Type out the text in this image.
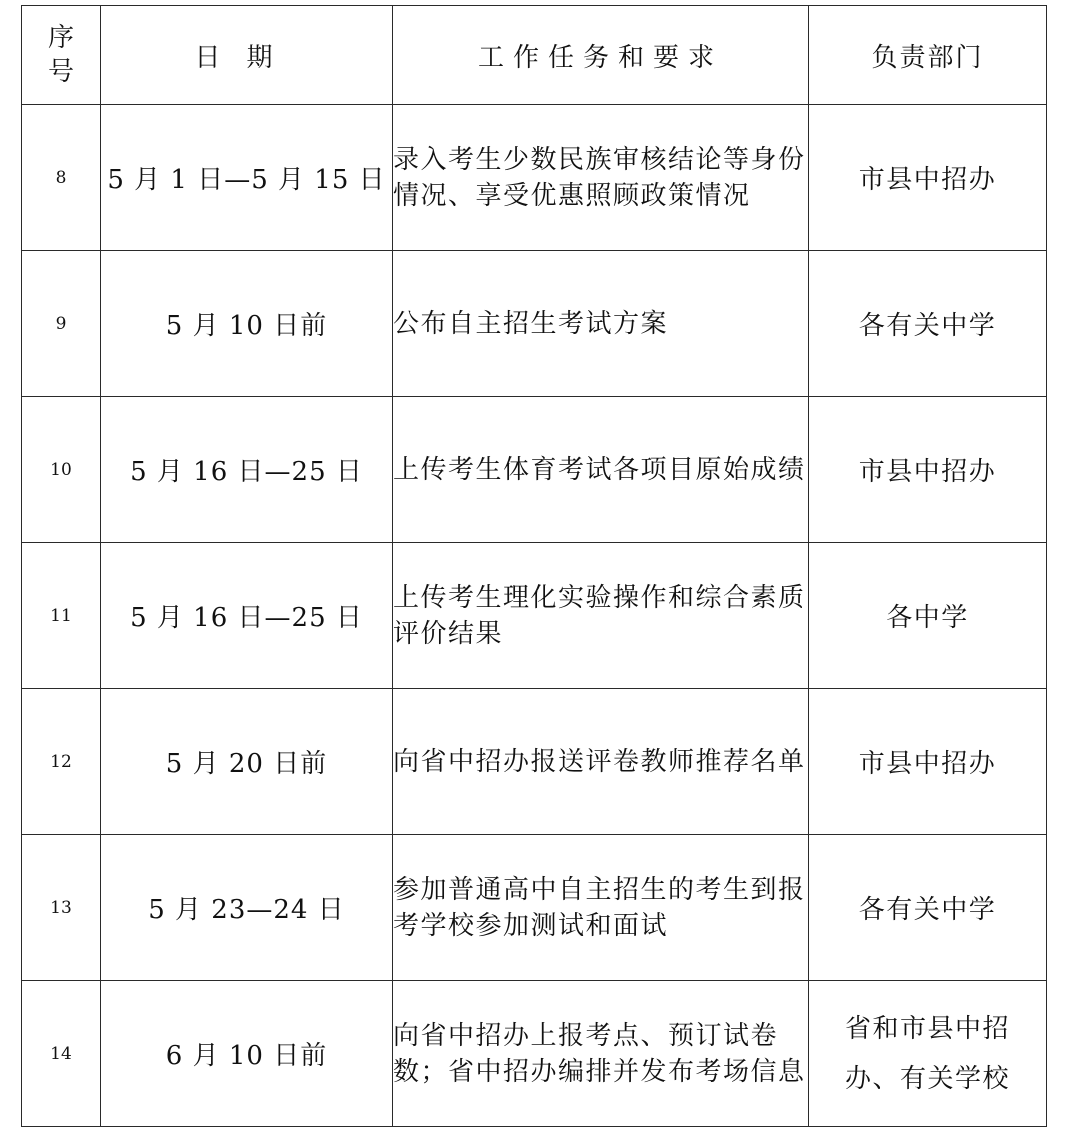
序号	日期	工作任务和要求	负责部门
8	5 月 1 日—5 月 15 日	录入考生少数民族审核结论等身份情况、享受优惠照顾政策情况	市县中招办
9	5 月 10 日前	公布自主招生考试方案	各有关中学
10	5 月 16 日—25 日	上传考生体育考试各项目原始成绩	市县中招办
11	5 月 16 日—25 日	上传考生理化实验操作和综合素质评价结果	各中学
12	5 月 20 日前	向省中招办报送评卷教师推荐名单	市县中招办
13	5 月 23—24 日	参加普通高中自主招生的考生到报考学校参加测试和面试	各有关中学
14	6 月 10 日前	向省中招办上报考点、预订试卷数；省中招办编排并发布考场信息	省和市县中招办、有关学校
